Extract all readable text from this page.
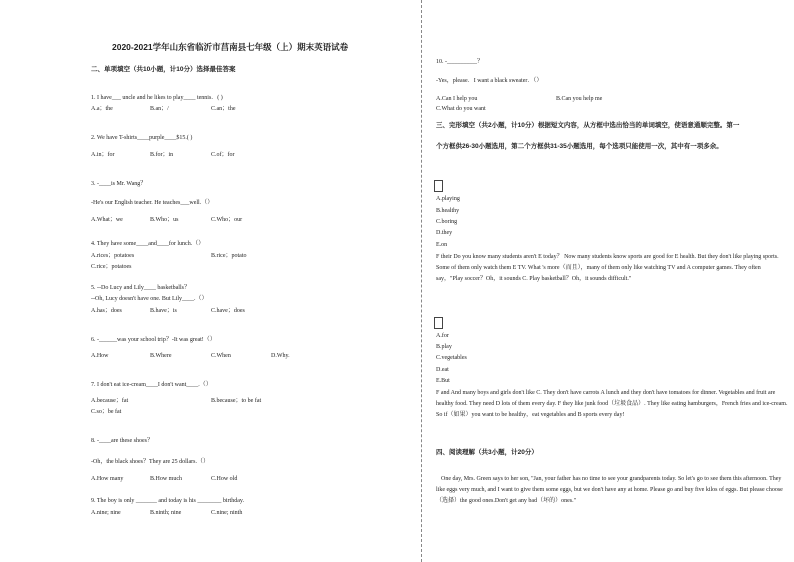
2020-2021学年山东省临沂市莒南县七年级（上）期末英语试卷
二、单项填空（共10小题，计10分）选择最佳答案
1. I have___ uncle and he likes to play____ tennis．( )
A.a；the	B.an；/	C.an；the
2. We have T-shirts____purple____$15.( )
A.in；for	B.for；in	C.of；for
3. -____is Mr. Wang？
-He's our English teacher. He teaches___well.（）
A.What；we	B.Who；us	C.Who；our
4. They have some____and____for lunch.（）
A.rices；potatoes	B.rice；potato
C.rice；potatoes
5. --Do Lucy and Lily____ basketballs？
--Oh, Lucy doesn't have one. But Lily____.（）
A.has；does	B.have；is	C.have；does
6. -______was your school trip？-It was great!（）
A.How	B.Where	C.When	D.Why.
7. I don't eat ice-cream____I don't want____.（）
A.because；fat	B.because；to be fat
C.so；be fat
8. -____are these shoes？
-Oh，the black shoes？They are 25 dollars.（）
A.How many	B.How much	C.How old
9. The boy is only _______ and today is his ________ birthday.
A.nine; nine	B.ninth; nine	C.nine; ninth
10. -__________？
-Yes，please．I want a black sweater．（）
A.Can I help you	B.Can you help me
C.What do you want
三、完形填空（共2小题，计10分）根据短文内容，从方框中选出恰当的单词填空，使语意通顺完整。第一
个方框供26-30小题选用，第二个方框供31-35小题选用，每个选项只能使用一次，其中有一项多余。
A.playing
B.healthy
C.boring
D.they
E.on
F their Do you know many students aren't E today？ Now many students know sports are good for E health. But they don't like playing sports. Some of them only watch them E TV. What 's more（而且），many of them only like watching TV and A computer games. They often say，"Play soccer？Oh，it sounds C. Play basketball？Oh，it sounds difficult."
A.for
B.play
C.vegetables
D.eat
E.But
F and And many boys and girls don't like C. They don't have carrots A lunch and they don't have tomatoes for dinner. Vegetables and fruit are healthy food. They need D lots of them every day. F they like junk food（垃圾食品）. They like eating hamburgers，French fries and ice-cream. So if（如果）you want to be healthy，eat vegetables and B sports every day!
四、阅读理解（共3小题，计20分）
One day, Mrs. Green says to her son, "Jan, your father has no time to see your grandparents today. So let's go to see them this afternoon. They like eggs very much, and I want to give them some eggs, but we don't have any at home. Please go and buy five kilos of eggs. But please choose（选择）the good ones.Don't get any bad（坏的）ones."
